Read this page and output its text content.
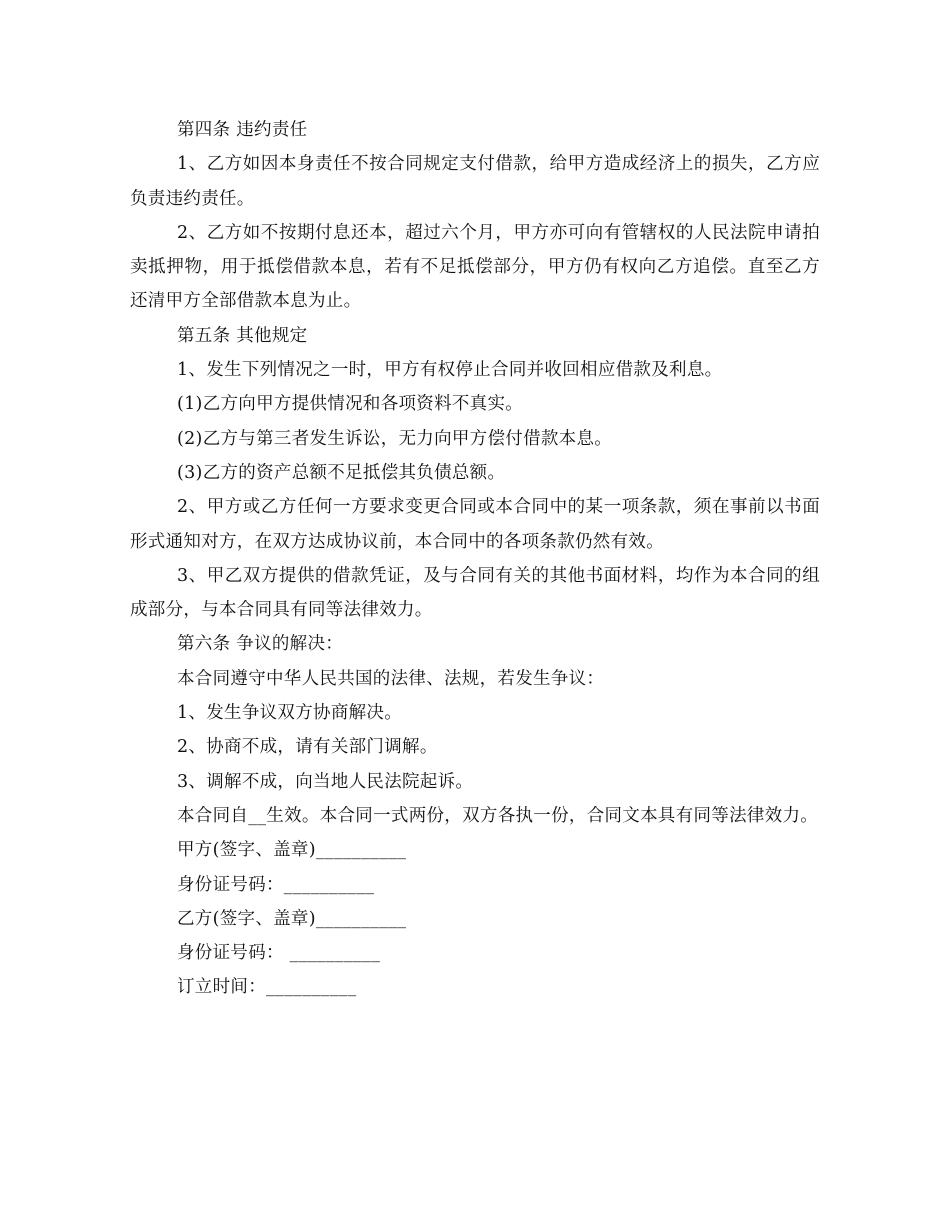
第四条 违约责任

1、乙方如因本身责任不按合同规定支付借款，给甲方造成经济上的损失，乙方应负责违约责任。

2、乙方如不按期付息还本，超过六个月，甲方亦可向有管辖权的人民法院申请拍卖抵押物，用于抵偿借款本息，若有不足抵偿部分，甲方仍有权向乙方追偿。直至乙方还清甲方全部借款本息为止。

第五条 其他规定

1、发生下列情况之一时，甲方有权停止合同并收回相应借款及利息。

(1)乙方向甲方提供情况和各项资料不真实。

(2)乙方与第三者发生诉讼，无力向甲方偿付借款本息。

(3)乙方的资产总额不足抵偿其负债总额。

2、甲方或乙方任何一方要求变更合同或本合同中的某一项条款，须在事前以书面形式通知对方，在双方达成协议前，本合同中的各项条款仍然有效。

3、甲乙双方提供的借款凭证，及与合同有关的其他书面材料，均作为本合同的组成部分，与本合同具有同等法律效力。

第六条 争议的解决：

本合同遵守中华人民共国的法律、法规，若发生争议：

1、发生争议双方协商解决。

2、协商不成，请有关部门调解。

3、调解不成，向当地人民法院起诉。

本合同自__生效。本合同一式两份，双方各执一份，合同文本具有同等法律效力。

甲方(签字、盖章)__________

身份证号码：__________

乙方(签字、盖章)__________

身份证号码： __________

订立时间：__________
